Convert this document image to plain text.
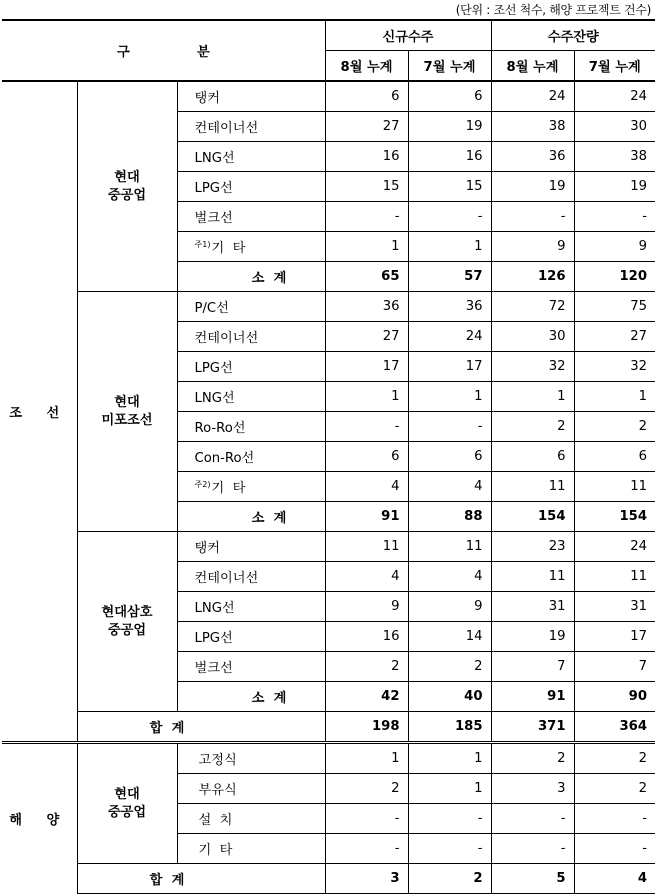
(단위 : 조선 척수, 해양 프로젝트 건수)
구 분			신규수주		수주잔량	
			8월 누계	7월 누계	8월 누계	7월 누계
조 선	현대
중공업	탱커	6	6	24	24
		컨테이너선	27	19	38	30
		LNG선	16	16	36	38
		LPG선	15	15	19	19
		벌크선	-	-	-	-
		$^{주1)}$기  타	1	1	9	9
		소  계	65	57	126	120
	현대
미포조선	P/C선	36	36	72	75
		컨테이너선	27	24	30	27
		LPG선	17	17	32	32
		LNG선	1	1	1	1
		Ro-Ro선	-	-	2	2
		Con-Ro선	6	6	6	6
		$^{주2)}$기  타	4	4	11	11
		소  계	91	88	154	154
	현대삼호
중공업	탱커	11	11	23	24
		컨테이너선	4	4	11	11
		LNG선	9	9	31	31
		LPG선	16	14	19	17
		벌크선	2	2	7	7
		소  계	42	40	91	90
	합  계		198	185	371	364
해 양	현대
중공업	고정식	1	1	2	2
		부유식	2	1	3	2
		설  치	-	-	-	-
		기  타	-	-	-	-
	합  계		3	2	5	4
